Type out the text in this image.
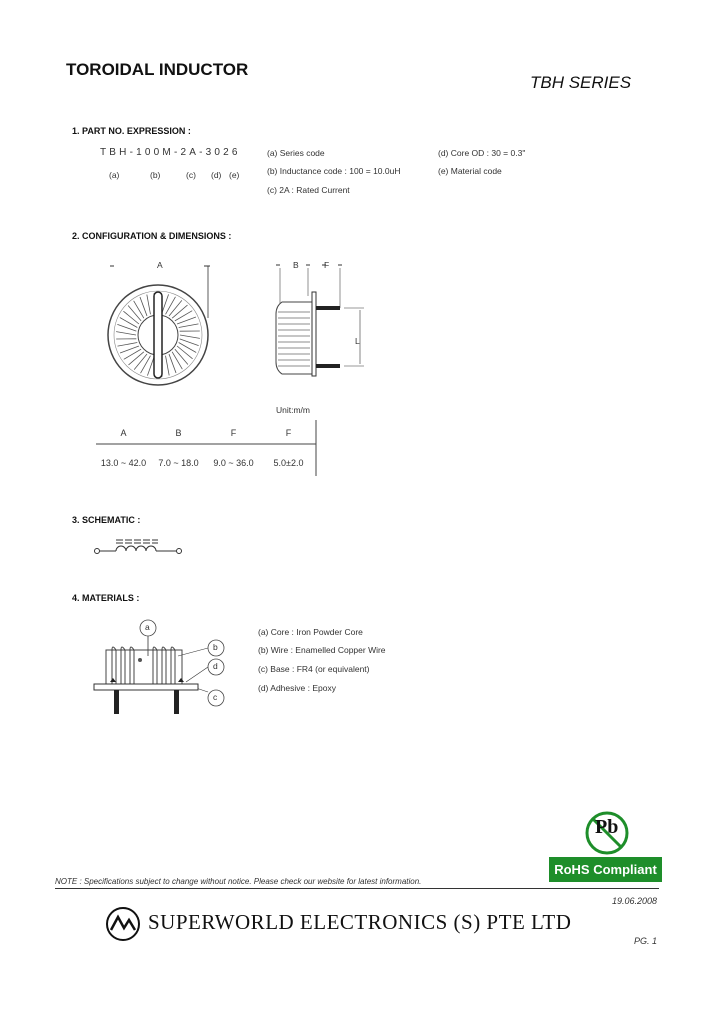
TOROIDAL INDUCTOR
TBH SERIES
1. PART NO. EXPRESSION :
TBH-100M-2A-3026
(a)	(b)	(c) (d) (e)
(a) Series code
(b) Inductance code : 100 = 10.0uH
(c) 2A : Rated Current
(d) Core OD : 30 = 0.3"
(e) Material code
2. CONFIGURATION & DIMENSIONS :
A	B	F
L
Unit:m/m
A	B	F	F
13.0 ~ 42.0	7.0 ~ 18.0	9.0 ~ 36.0	5.0±2.0
3. SCHEMATIC :
4. MATERIALS :
a
b
d
c
(a) Core : Iron Powder Core
(b) Wire : Enamelled Copper Wire
(c) Base : FR4 (or equivalent)
(d) Adhesive : Epoxy
Pb
RoHS Compliant
NOTE : Specifications subject to change without notice. Please check our website for latest information.
19.06.2008
SUPERWORLD ELECTRONICS (S) PTE LTD
PG. 1
